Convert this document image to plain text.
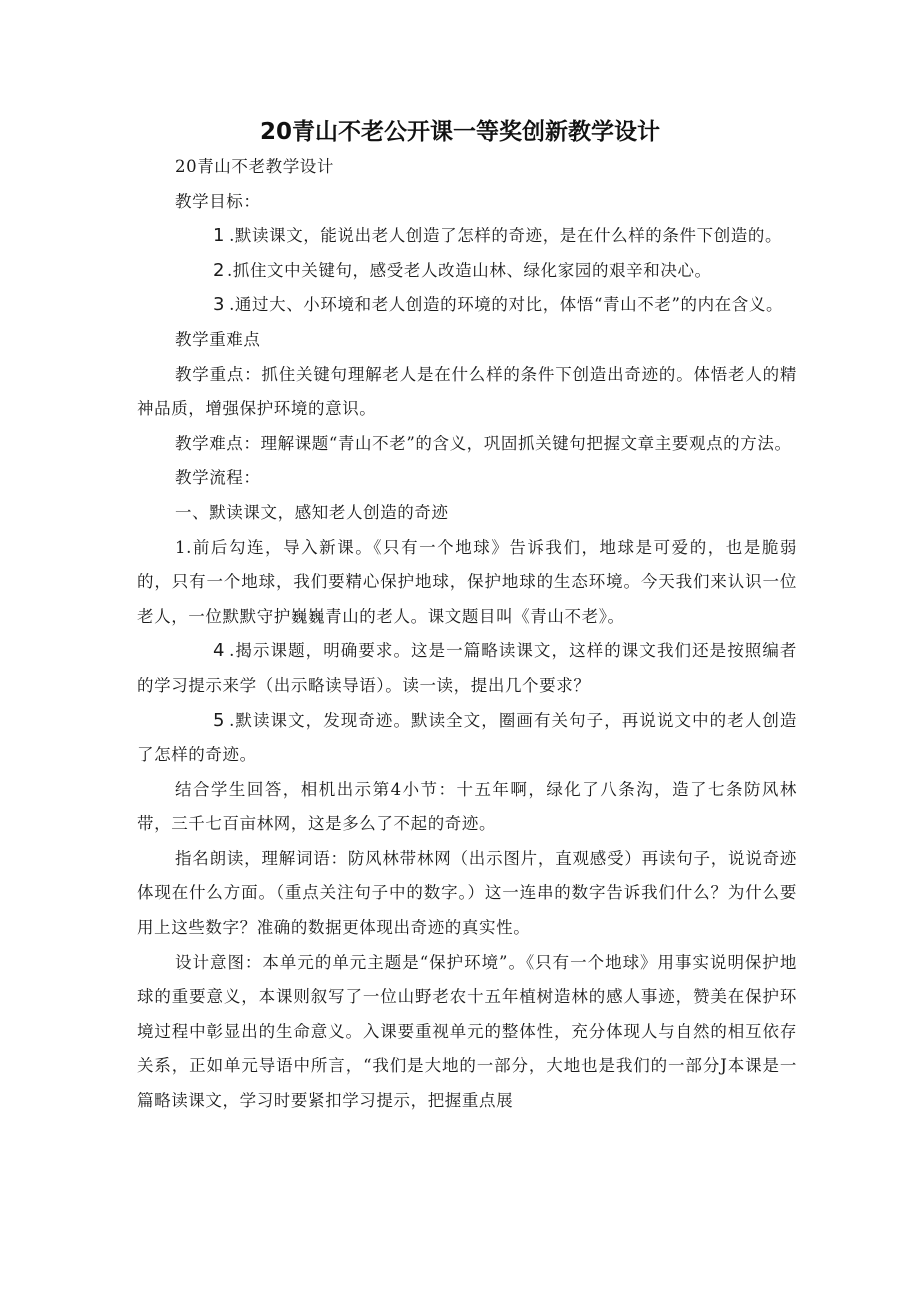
20青山不老公开课一等奖创新教学设计

20青山不老教学设计

教学目标：

1 .默读课文，能说出老人创造了怎样的奇迹，是在什么样的条件下创造的。

2 .抓住文中关键句，感受老人改造山林、绿化家园的艰辛和决心。

3 .通过大、小环境和老人创造的环境的对比，体悟“青山不老”的内在含义。

教学重难点

教学重点：抓住关键句理解老人是在什么样的条件下创造出奇迹的。体悟老人的精神品质，增强保护环境的意识。

教学难点：理解课题“青山不老”的含义，巩固抓关键句把握文章主要观点的方法。

教学流程：

一、默读课文，感知老人创造的奇迹

1.前后勾连，导入新课。《只有一个地球》告诉我们，地球是可爱的，也是脆弱的，只有一个地球，我们要精心保护地球，保护地球的生态环境。今天我们来认识一位老人，一位默默守护巍巍青山的老人。课文题目叫《青山不老》。

4 .揭示课题，明确要求。这是一篇略读课文，这样的课文我们还是按照编者的学习提示来学（出示略读导语）。读一读，提出几个要求？

5 .默读课文，发现奇迹。默读全文，圈画有关句子，再说说文中的老人创造了怎样的奇迹。

结合学生回答，相机出示第4小节：十五年啊，绿化了八条沟，造了七条防风林带，三千七百亩林网，这是多么了不起的奇迹。

指名朗读，理解词语：防风林带林网（出示图片，直观感受）再读句子，说说奇迹体现在什么方面。（重点关注句子中的数字。）这一连串的数字告诉我们什么？为什么要用上这些数字？准确的数据更体现出奇迹的真实性。

设计意图：本单元的单元主题是“保护环境”。《只有一个地球》用事实说明保护地球的重要意义，本课则叙写了一位山野老农十五年植树造林的感人事迹，赞美在保护环境过程中彰显出的生命意义。入课要重视单元的整体性，充分体现人与自然的相互依存关系，正如单元导语中所言，“我们是大地的一部分，大地也是我们的一部分J本课是一篇略读课文，学习时要紧扣学习提示，把握重点展
